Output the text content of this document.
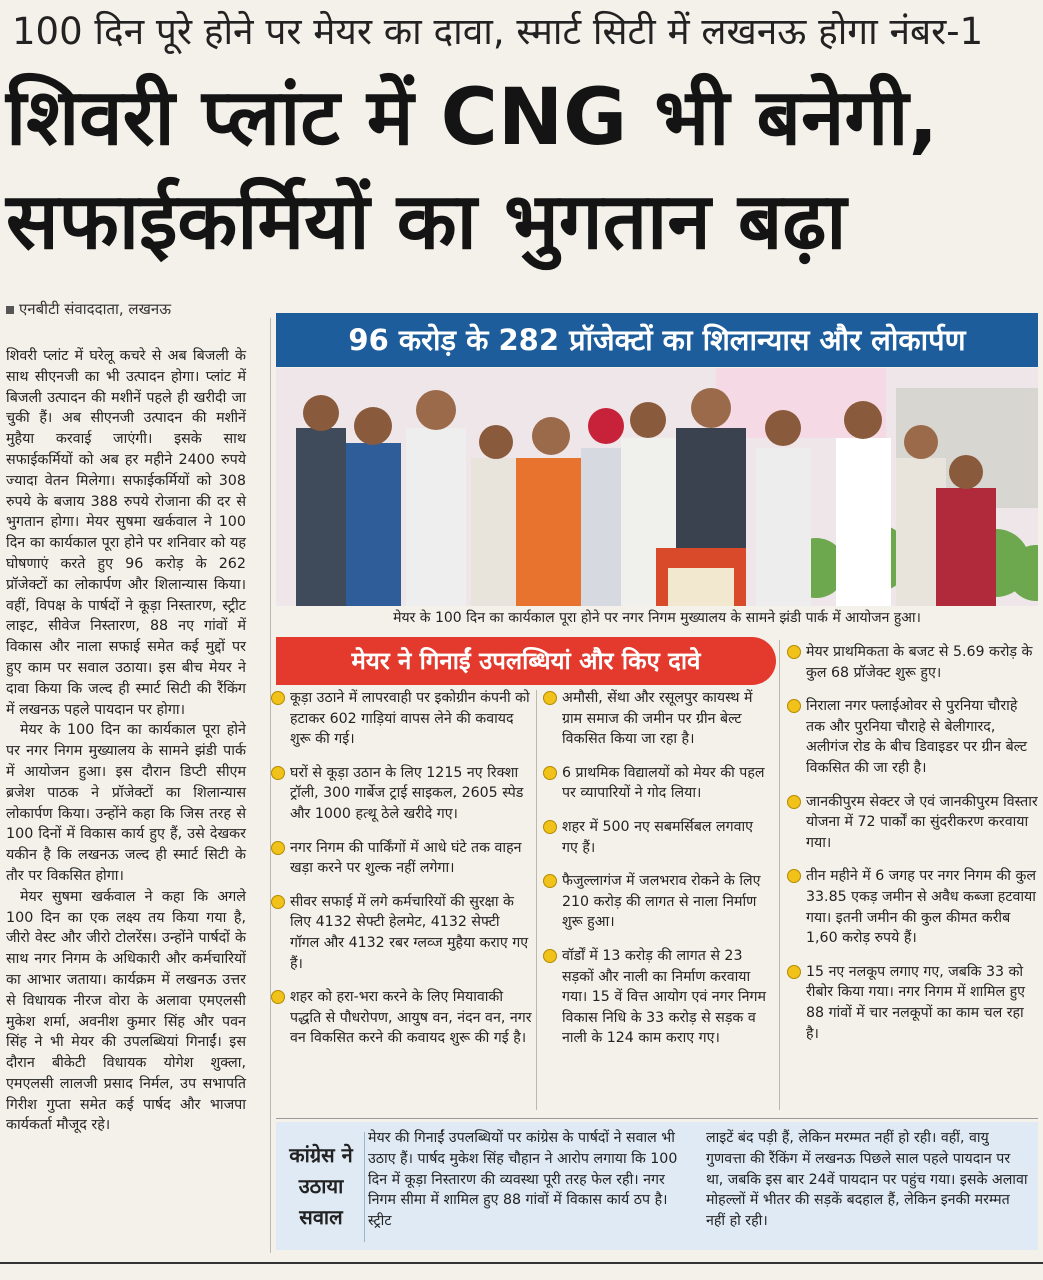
100 दिन पूरे होने पर मेयर का दावा, स्मार्ट सिटी में लखनऊ होगा नंबर-1
शिवरी प्लांट में CNG भी बनेगी,
सफाईकर्मियों का भुगतान बढ़ा
एनबीटी संवाददाता, लखनऊ

शिवरी प्लांट में घरेलू कचरे से अब बिजली के साथ सीएनजी का भी उत्पादन होगा। प्लांट में बिजली उत्पादन की मशीनें पहले ही खरीदी जा चुकी हैं। अब सीएनजी उत्पादन की मशीनें मुहैया करवाई जाएंगी। इसके साथ सफाईकर्मियों को अब हर महीने 2400 रुपये ज्यादा वेतन मिलेगा। सफाईकर्मियों को 308 रुपये के बजाय 388 रुपये रोजाना की दर से भुगतान होगा। मेयर सुषमा खर्कवाल ने 100 दिन का कार्यकाल पूरा होने पर शनिवार को यह घोषणाएं करते हुए 96 करोड़ के 262 प्रॉजेक्टों का लोकार्पण और शिलान्यास किया। वहीं, विपक्ष के पार्षदों ने कूड़ा निस्तारण, स्ट्रीट लाइट, सीवेज निस्तारण, 88 नए गांवों में विकास और नाला सफाई समेत कई मुद्दों पर हुए काम पर सवाल उठाया। इस बीच मेयर ने दावा किया कि जल्द ही स्मार्ट सिटी की रैंकिंग में लखनऊ पहले पायदान पर होगा।

मेयर के 100 दिन का कार्यकाल पूरा होने पर नगर निगम मुख्यालय के सामने झंडी पार्क में आयोजन हुआ। इस दौरान डिप्टी सीएम ब्रजेश पाठक ने प्रॉजेक्टों का शिलान्यास लोकार्पण किया। उन्होंने कहा कि जिस तरह से 100 दिनों में विकास कार्य हुए हैं, उसे देखकर यकीन है कि लखनऊ जल्द ही स्मार्ट सिटी के तौर पर विकसित होगा।

मेयर सुषमा खर्कवाल ने कहा कि अगले 100 दिन का एक लक्ष्य तय किया गया है, जीरो वेस्ट और जीरो टोलरेंस। उन्होंने पार्षदों के साथ नगर निगम के अधिकारी और कर्मचारियों का आभार जताया। कार्यक्रम में लखनऊ उत्तर से विधायक नीरज वोरा के अलावा एमएलसी मुकेश शर्मा, अवनीश कुमार सिंह और पवन सिंह ने भी मेयर की उपलब्धियां गिनाईं। इस दौरान बीकेटी विधायक योगेश शुक्ला, एमएलसी लालजी प्रसाद निर्मल, उप सभापति गिरीश गुप्ता समेत कई पार्षद और भाजपा कार्यकर्ता मौजूद रहे।

96 करोड़ के 282 प्रॉजेक्टों का शिलान्यास और लोकार्पण
मेयर के 100 दिन का कार्यकाल पूरा होने पर नगर निगम मुख्यालय के सामने झंडी पार्क में आयोजन हुआ।
मेयर ने गिनाईं उपलब्धियां और किए दावे
कूड़ा उठाने में लापरवाही पर इकोग्रीन कंपनी को हटाकर 602 गाड़ियां वापस लेने की कवायद शुरू की गई।
घरों से कूड़ा उठान के लिए 1215 नए रिक्शा ट्रॉली, 300 गार्बेज ट्राई साइकल, 2605 स्पेड और 1000 हत्थू ठेले खरीदे गए।
नगर निगम की पार्किंगों में आधे घंटे तक वाहन खड़ा करने पर शुल्क नहीं लगेगा।
सीवर सफाई में लगे कर्मचारियों की सुरक्षा के लिए 4132 सेफ्टी हेलमेट, 4132 सेफ्टी गॉगल और 4132 रबर ग्लव्ज मुहैया कराए गए हैं।
शहर को हरा-भरा करने के लिए मियावाकी पद्धति से पौधरोपण, आयुष वन, नंदन वन, नगर वन विकसित करने की कवायद शुरू की गई है।
अमौसी, सेंथा और रसूलपुर कायस्थ में ग्राम समाज की जमीन पर ग्रीन बेल्ट विकसित किया जा रहा है।
6 प्राथमिक विद्यालयों को मेयर की पहल पर व्यापारियों ने गोद लिया।
शहर में 500 नए सबमर्सिबल लगवाए गए हैं।
फैजुल्लागंज में जलभराव रोकने के लिए 210 करोड़ की लागत से नाला निर्माण शुरू हुआ।
वॉर्डों में 13 करोड़ की लागत से 23 सड़कों और नाली का निर्माण करवाया गया। 15 वें वित्त आयोग एवं नगर निगम विकास निधि के 33 करोड़ से सड़क व नाली के 124 काम कराए गए।
मेयर प्राथमिकता के बजट से 5.69 करोड़ के कुल 68 प्रॉजेक्ट शुरू हुए।
निराला नगर फ्लाईओवर से पुरनिया चौराहे तक और पुरनिया चौराहे से बेलीगारद, अलीगंज रोड के बीच डिवाइडर पर ग्रीन बेल्ट विकसित की जा रही है।
जानकीपुरम सेक्टर जे एवं जानकीपुरम विस्तार योजना में 72 पार्कों का सुंदरीकरण करवाया गया।
तीन महीने में 6 जगह पर नगर निगम की कुल 33.85 एकड़ जमीन से अवैध कब्जा हटवाया गया। इतनी जमीन की कुल कीमत करीब 1,60 करोड़ रुपये हैं।
15 नए नलकूप लगाए गए, जबकि 33 को रीबोर किया गया। नगर निगम में शामिल हुए 88 गांवों में चार नलकूपों का काम चल रहा है।
कांग्रेस ने उठाया सवाल
मेयर की गिनाईं उपलब्धियों पर कांग्रेस के पार्षदों ने सवाल भी उठाए हैं। पार्षद मुकेश सिंह चौहान ने आरोप लगाया कि 100 दिन में कूड़ा निस्तारण की व्यवस्था पूरी तरह फेल रही। नगर निगम सीमा में शामिल हुए 88 गांवों में विकास कार्य ठप है। स्ट्रीट
लाइटें बंद पड़ी हैं, लेकिन मरम्मत नहीं हो रही। वहीं, वायु गुणवत्ता की रैंकिंग में लखनऊ पिछले साल पहले पायदान पर था, जबकि इस बार 24वें पायदान पर पहुंच गया। इसके अलावा मोहल्लों में भीतर की सड़कें बदहाल हैं, लेकिन इनकी मरम्मत नहीं हो रही।
